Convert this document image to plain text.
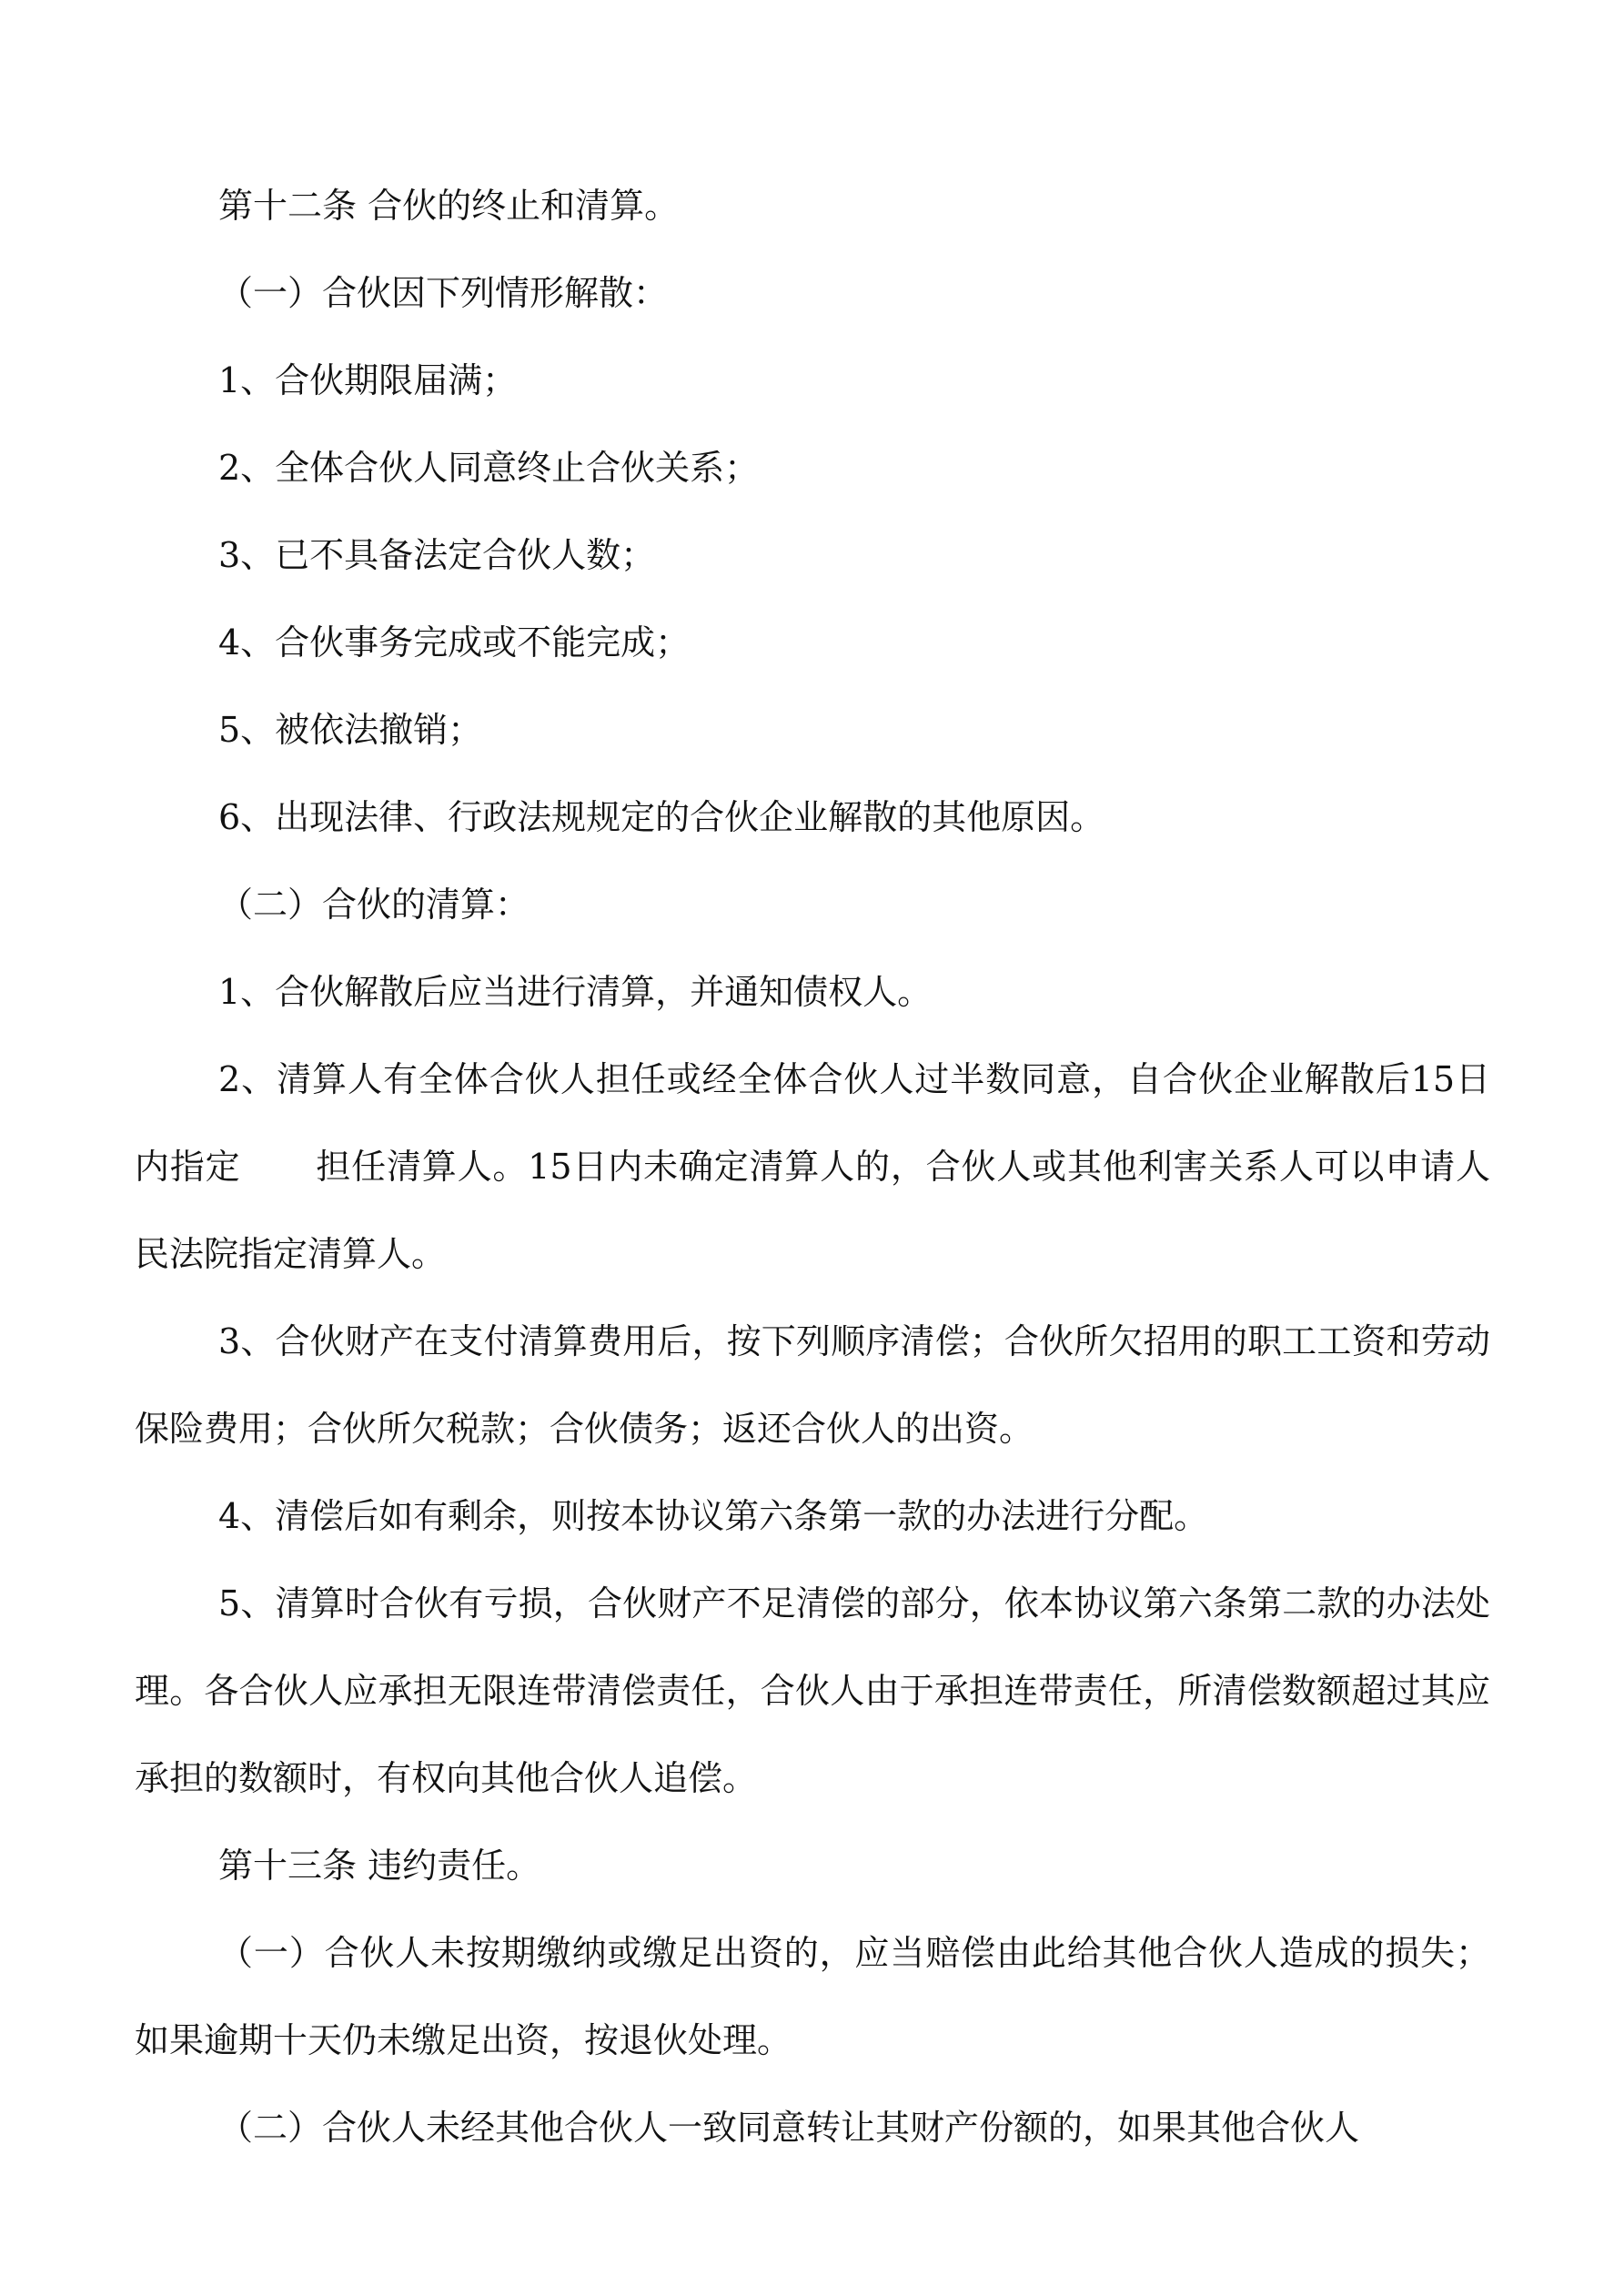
第十二条 合伙的终止和清算。

（一）合伙因下列情形解散：

1、合伙期限届满；

2、全体合伙人同意终止合伙关系；

3、已不具备法定合伙人数；

4、合伙事务完成或不能完成；

5、被依法撤销；

6、出现法律、行政法规规定的合伙企业解散的其他原因。

（二）合伙的清算：

1、合伙解散后应当进行清算，并通知债权人。

2、清算人有全体合伙人担任或经全体合伙人过半数同意，自合伙企业解散后15日内指定 担任清算人。15日内未确定清算人的，合伙人或其他利害关系人可以申请人民法院指定清算人。

3、合伙财产在支付清算费用后，按下列顺序清偿；合伙所欠招用的职工工资和劳动保险费用；合伙所欠税款；合伙债务；返还合伙人的出资。

4、清偿后如有剩余，则按本协议第六条第一款的办法进行分配。

5、清算时合伙有亏损，合伙财产不足清偿的部分，依本协议第六条第二款的办法处理。各合伙人应承担无限连带清偿责任，合伙人由于承担连带责任，所清偿数额超过其应承担的数额时，有权向其他合伙人追偿。

第十三条 违约责任。

（一）合伙人未按期缴纳或缴足出资的，应当赔偿由此给其他合伙人造成的损失；如果逾期十天仍未缴足出资，按退伙处理。

（二）合伙人未经其他合伙人一致同意转让其财产份额的，如果其他合伙人
